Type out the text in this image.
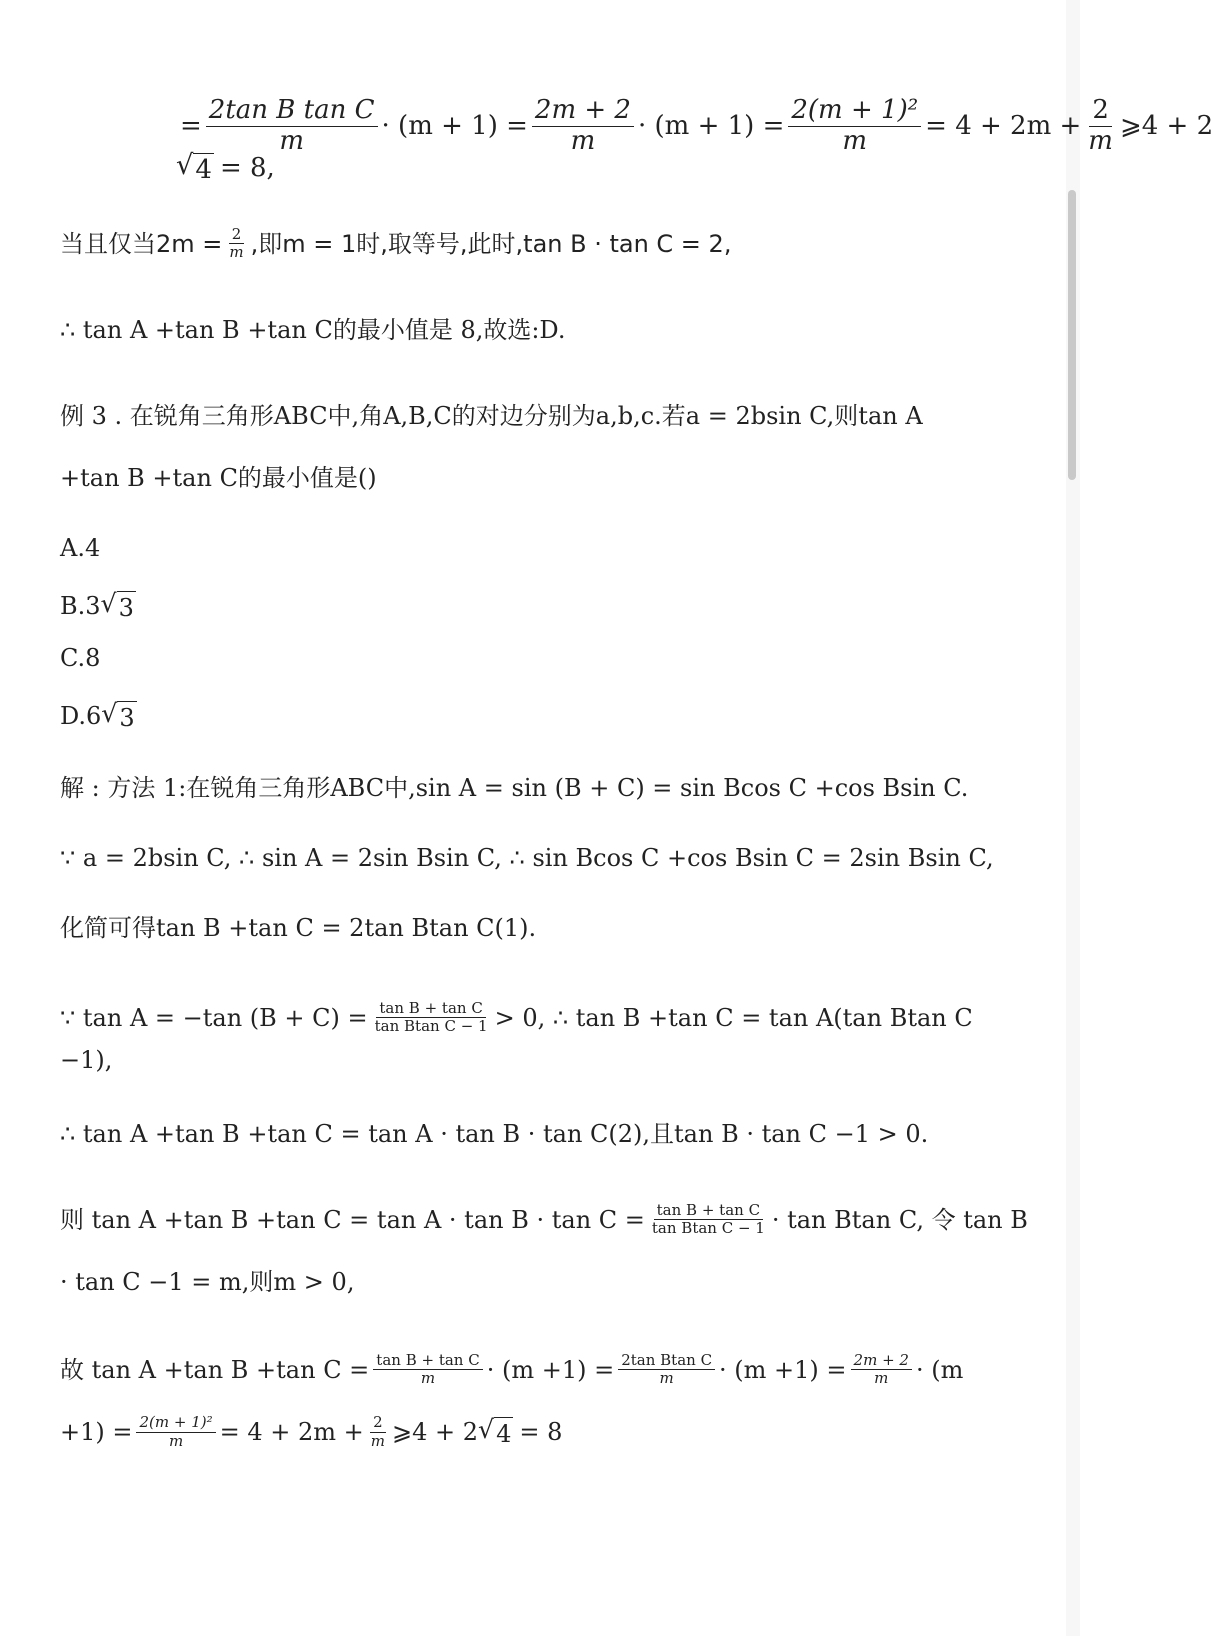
= $\frac{\text{2tan B tan C}}{m} \cdot (m + 1) = \frac{2m + 2}{m} \cdot (m + 1) = \frac{\text{2(m + 1)²}}{m} = 4 + 2m + \frac{2}{m}$ ⩾4 + 2
√ 4 = 8,
当且仅当$2m = \frac{2}{m}$ ,即m = 1时,取等号,此时,tan B · tan C = 2,
∴ tan A +tan B +tan C的最小值是 8,故选:D.
例 3 . 在锐角三角形ABC中,角A,B,C的对边分别为a,b,c.若a = 2bsin C,则tan A
+tan B +tan C的最小值是()
A.4
B.3 √ 3
C.8
D.6 √ 3
解 : 方法 1:在锐角三角形ABC中,sin A = sin (B + C) = sin Bcos C +cos Bsin C.
∵ a = 2bsin C, ∴ sin A = 2sin Bsin C, ∴ sin Bcos C +cos Bsin C = 2sin Bsin C,
化简可得tan B +tan C = 2tan Btan C(1).
∵ tan A = −tan $(B + C) = \frac{\text{tan B + tan C}}{\text{tan Btan C − 1}} > 0$, ∴ tan B +tan C = tan A(tan Btan C
−1),
∴ tan A +tan B +tan C = tan A · tan B · tan C(2),且tan B · tan C −1 > 0.
则 tan A +tan B +tan $C = \tan A \cdot \tan B \cdot \tan C = \frac{\text{tan B + tan C}}{\text{tan Btan C − 1}} \cdot \tan Btan$ C, 令 tan B
· tan C −1 = m,则m > 0,
故 tan A +tan B +tan $C = \frac{\text{tan B + tan C}}{m} \cdot (m +1) = \frac{\text{2tan Btan C}}{m} \cdot (m +1) = \frac{2m + 2}{m} \cdot (m$
$+1) = \frac{\text{2(m + 1)²}}{m} = 4 + 2m + \frac{2}{m}$ ⩾4 + 2 √ 4 = 8
